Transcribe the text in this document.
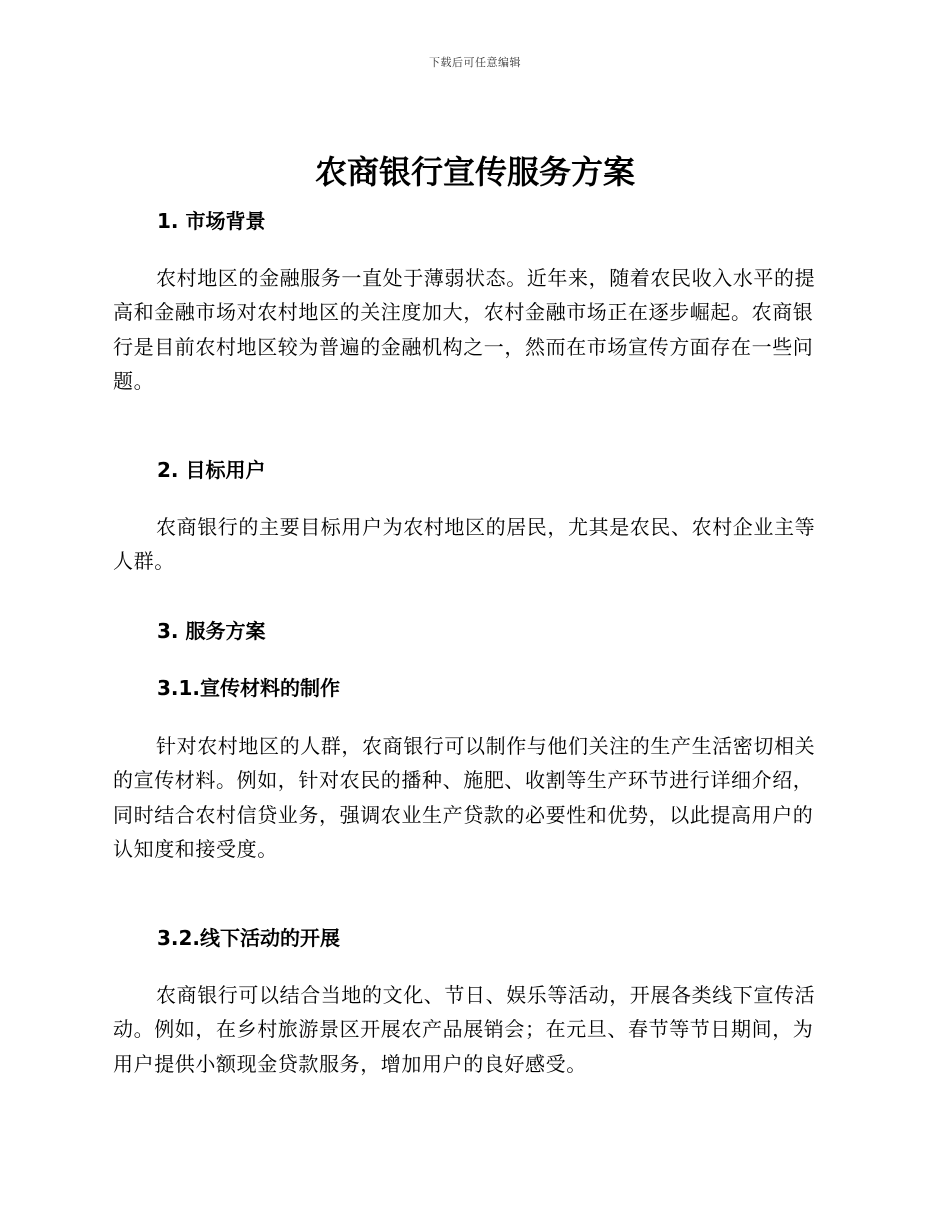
下载后可任意编辑
农商银行宣传服务方案
1. 市场背景

农村地区的金融服务一直处于薄弱状态。近年来，随着农民收入水平的提高和金融市场对农村地区的关注度加大，农村金融市场正在逐步崛起。农商银行是目前农村地区较为普遍的金融机构之一，然而在市场宣传方面存在一些问题。

2. 目标用户

农商银行的主要目标用户为农村地区的居民，尤其是农民、农村企业主等人群。

3. 服务方案
3.1.宣传材料的制作

针对农村地区的人群，农商银行可以制作与他们关注的生产生活密切相关的宣传材料。例如，针对农民的播种、施肥、收割等生产环节进行详细介绍，同时结合农村信贷业务，强调农业生产贷款的必要性和优势，以此提高用户的认知度和接受度。

3.2.线下活动的开展

农商银行可以结合当地的文化、节日、娱乐等活动，开展各类线下宣传活动。例如，在乡村旅游景区开展农产品展销会；在元旦、春节等节日期间，为用户提供小额现金贷款服务，增加用户的良好感受。
